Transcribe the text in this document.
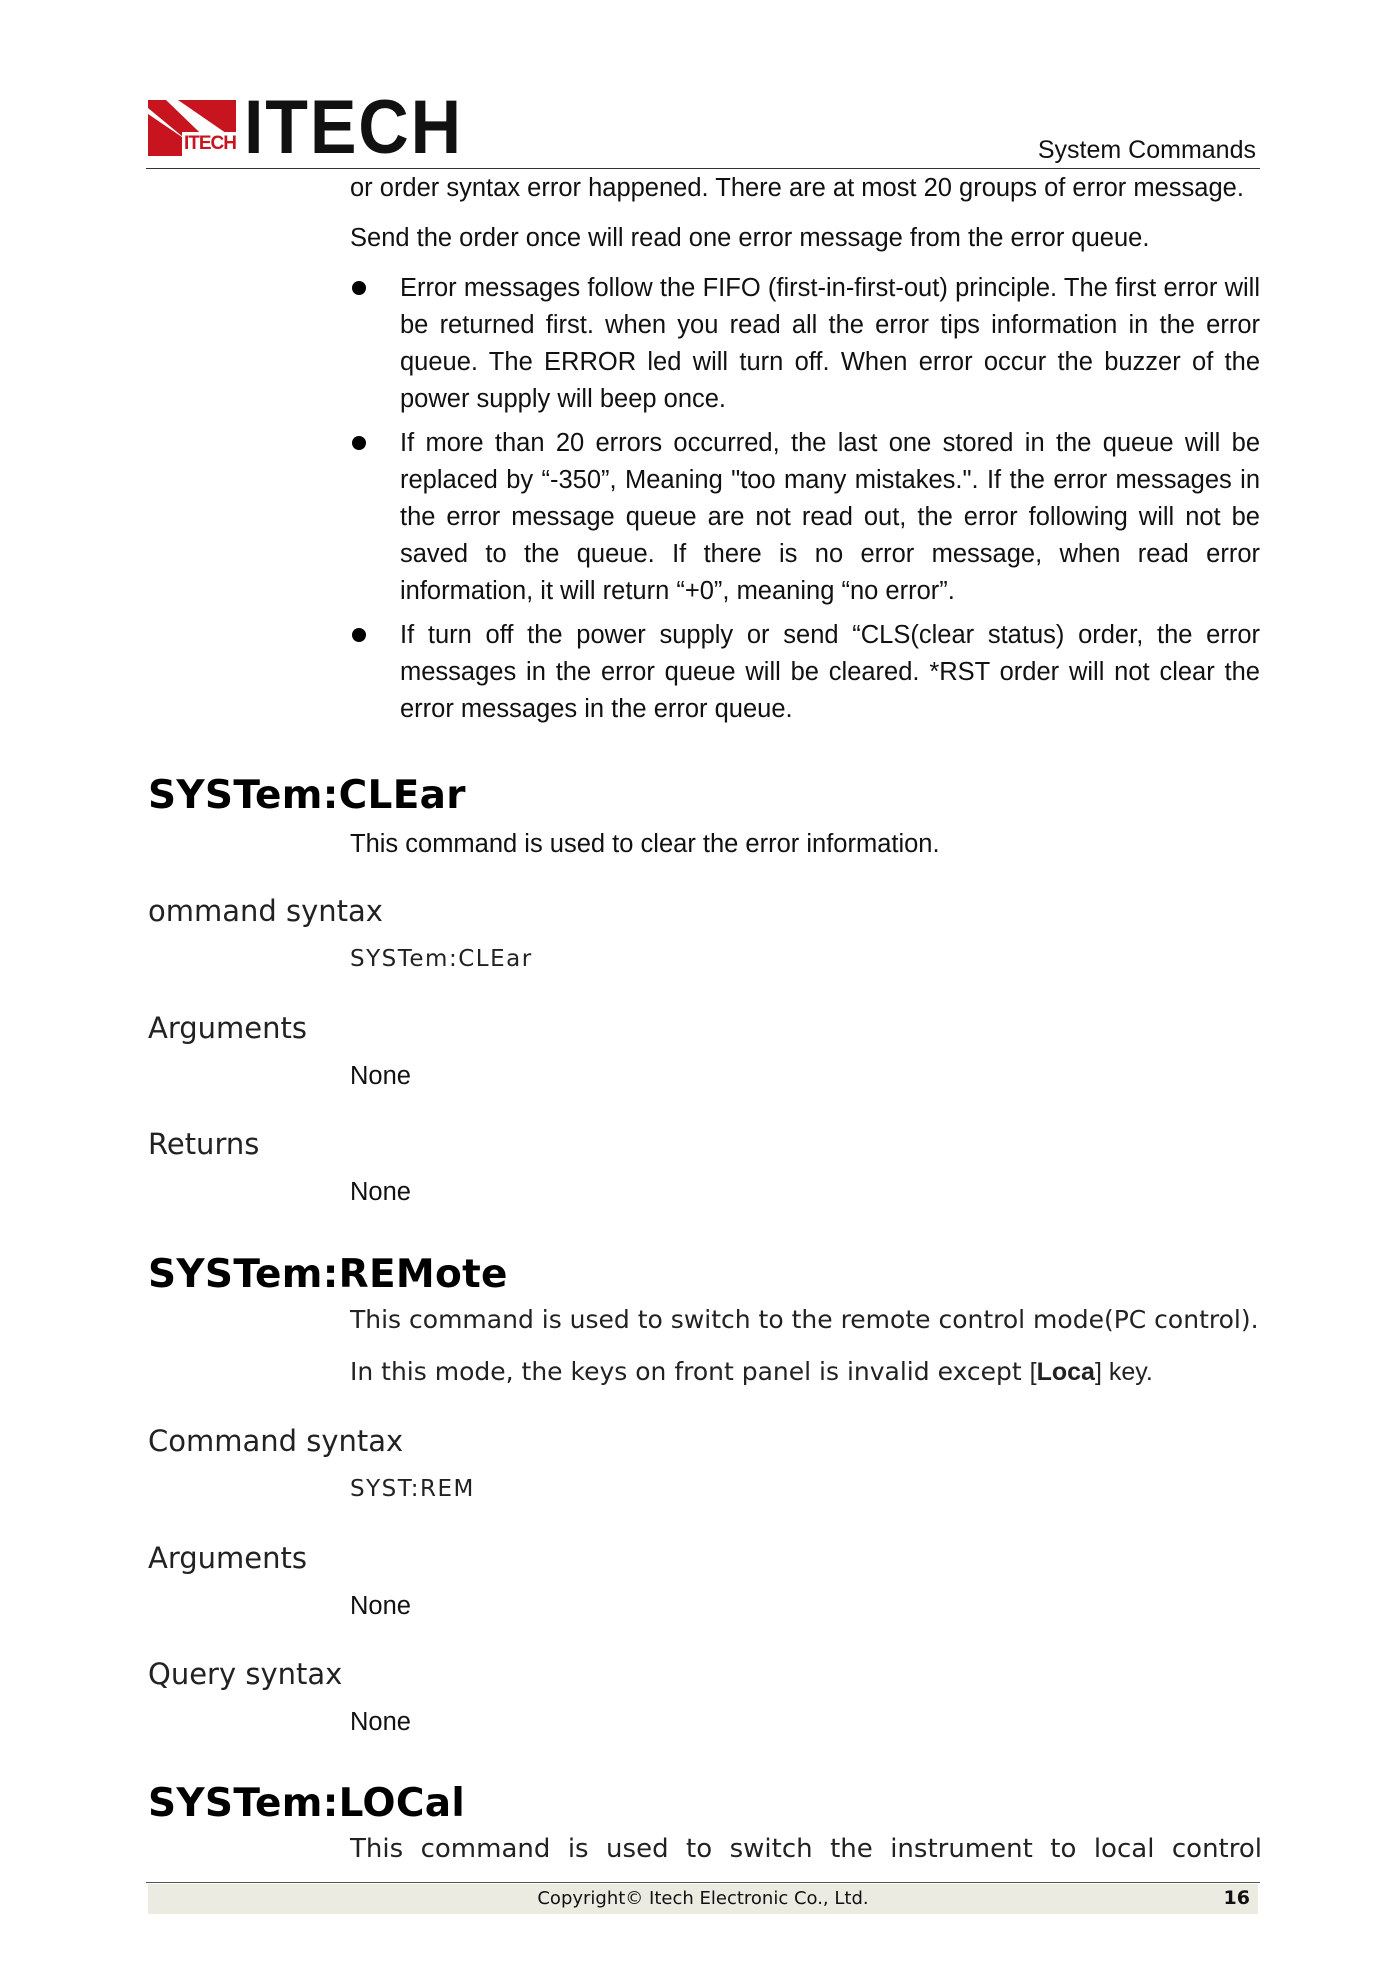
ITECH ITECH	System Commands
or order syntax error happened. There are at most 20 groups of error message.
Send the order once will read one error message from the error queue.
Error messages follow the FIFO (first-in-first-out) principle. The first error will be returned first. when you read all the error tips information in the error queue. The ERROR led will turn off. When error occur the buzzer of the power supply will beep once.
If more than 20 errors occurred, the last one stored in the queue will be replaced by “-350”, Meaning "too many mistakes.". If the error messages in the error message queue are not read out, the error following will not be saved to the queue. If there is no error message, when read error information, it will return “+0”, meaning “no error”.
If turn off the power supply or send “CLS(clear status) order, the error messages in the error queue will be cleared. *RST order will not clear the error messages in the error queue.
SYSTem:CLEar
This command is used to clear the error information.
ommand syntax
SYSTem:CLEar
Arguments
None
Returns
None
SYSTem:REMote
This command is used to switch to the remote control mode(PC control).
In this mode, the keys on front panel is invalid except [Loca] key.
Command syntax
SYST:REM
Arguments
None
Query syntax
None
SYSTem:LOCal
This command is used to switch the instrument to local control
Copyright© Itech Electronic Co., Ltd.	16
